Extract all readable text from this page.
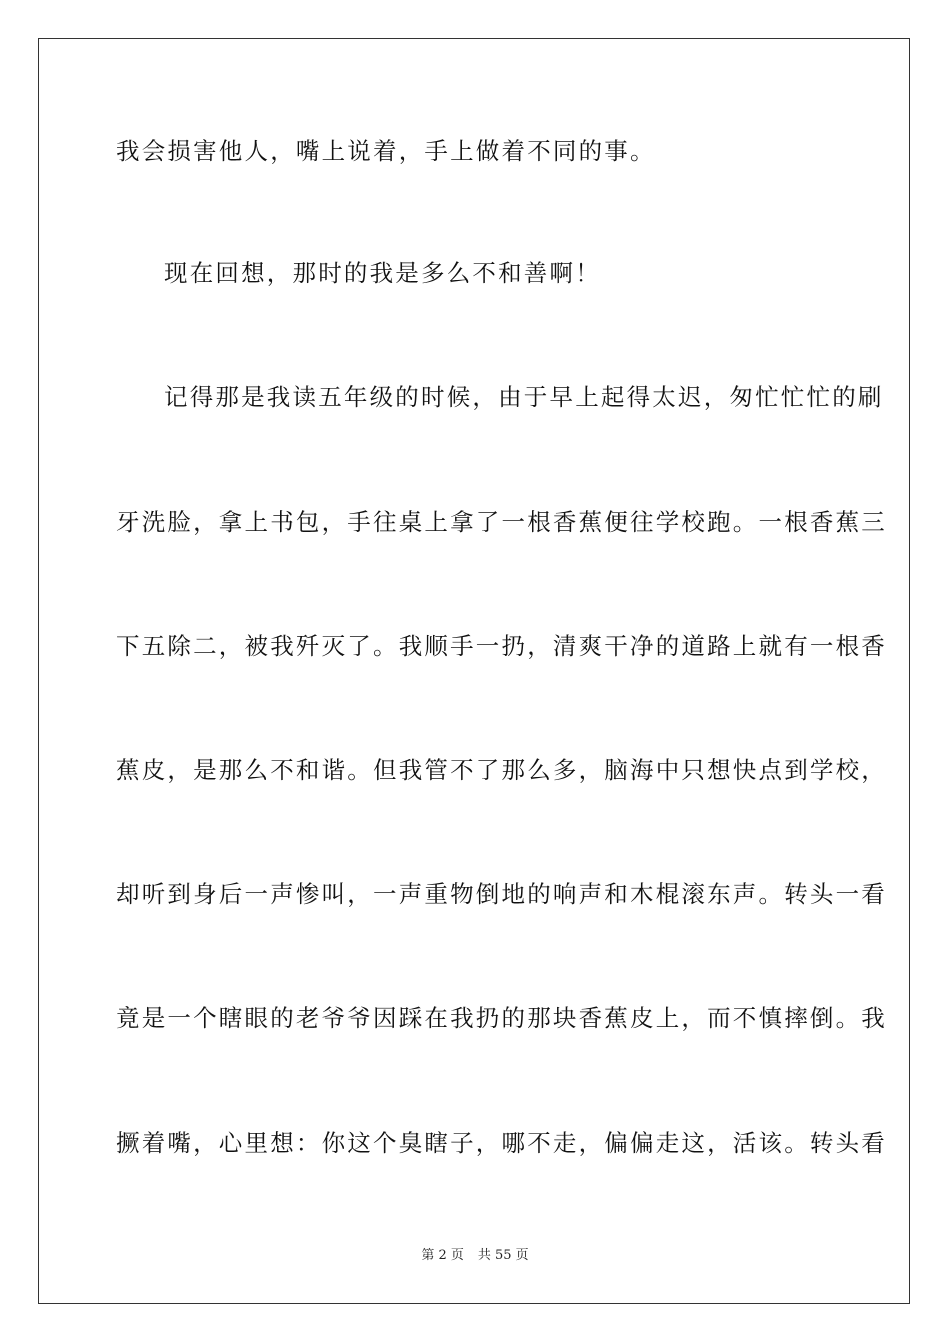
我会损害他人，嘴上说着，手上做着不同的事。
现在回想，那时的我是多么不和善啊！
记得那是我读五年级的时候，由于早上起得太迟，匆忙忙忙的刷
牙洗脸，拿上书包，手往桌上拿了一根香蕉便往学校跑。一根香蕉三
下五除二，被我歼灭了。我顺手一扔，清爽干净的道路上就有一根香
蕉皮，是那么不和谐。但我管不了那么多，脑海中只想快点到学校，
却听到身后一声惨叫，一声重物倒地的响声和木棍滚东声。转头一看
竟是一个瞎眼的老爷爷因踩在我扔的那块香蕉皮上，而不慎摔倒。我
撅着嘴，心里想：你这个臭瞎子，哪不走，偏偏走这，活该。转头看
第 2 页 共 55 页
